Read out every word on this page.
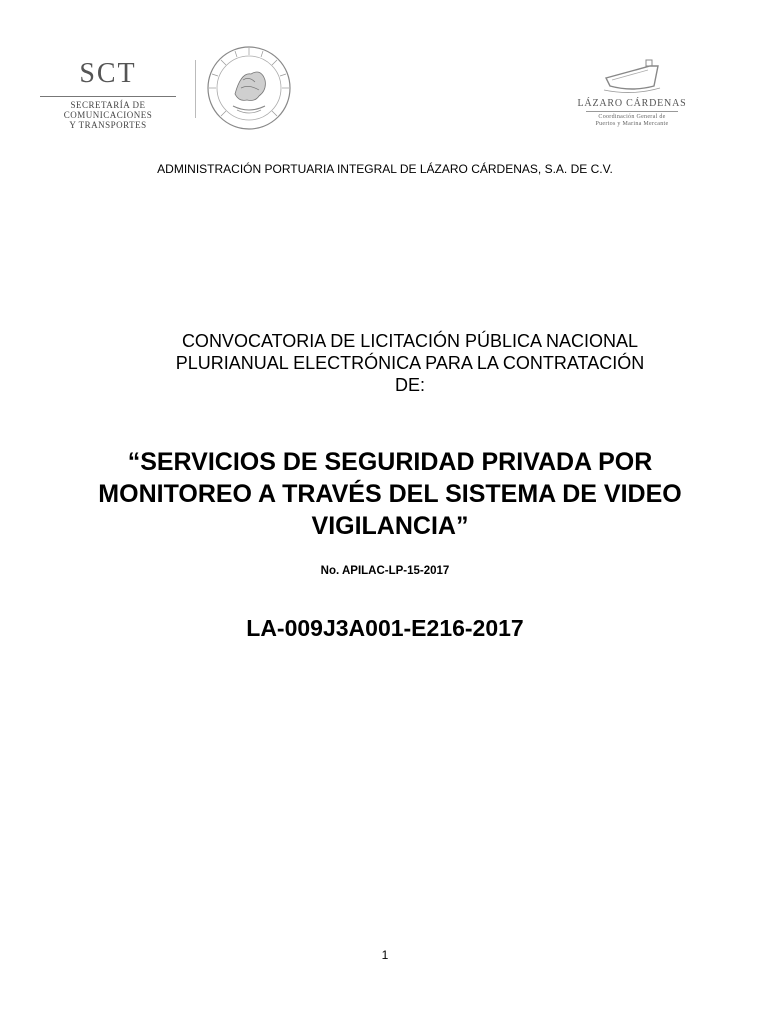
SCT
SECRETARÍA DE
COMUNICACIONES
Y TRANSPORTES
LÁZARO CÁRDENAS
Coordinación General de
Puertos y Marina Mercante
ADMINISTRACIÓN PORTUARIA INTEGRAL DE LÁZARO CÁRDENAS, S.A. DE C.V.
CONVOCATORIA DE LICITACIÓN PÚBLICA NACIONAL
PLURIANUAL ELECTRÓNICA PARA LA CONTRATACIÓN
DE:
“SERVICIOS DE SEGURIDAD PRIVADA POR
MONITOREO A TRAVÉS DEL SISTEMA DE VIDEO
VIGILANCIA”
No. APILAC-LP-15-2017
LA-009J3A001-E216-2017
1
